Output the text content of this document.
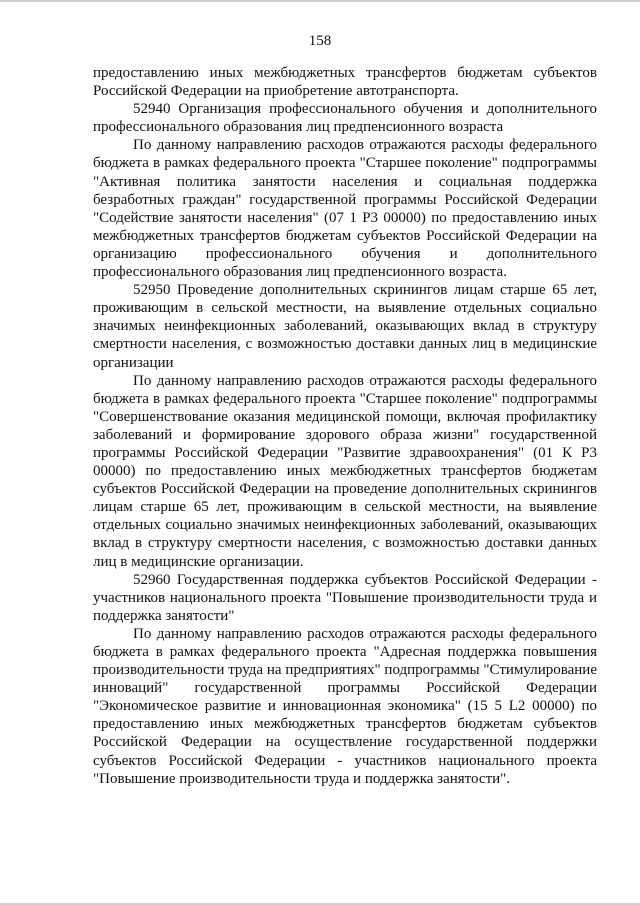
158

предоставлению иных межбюджетных трансфертов бюджетам субъектов Российской Федерации на приобретение автотранспорта.

52940 Организация профессионального обучения и дополнительного профессионального образования лиц предпенсионного возраста

По данному направлению расходов отражаются расходы федерального бюджета в рамках федерального проекта "Старшее поколение" подпрограммы "Активная политика занятости населения и социальная поддержка безработных граждан" государственной программы Российской Федерации "Содействие занятости населения" (07 1 Р3 00000) по предоставлению иных межбюджетных трансфертов бюджетам субъектов Российской Федерации на организацию профессионального обучения и дополнительного профессионального образования лиц предпенсионного возраста.

52950 Проведение дополнительных скринингов лицам старше 65 лет, проживающим в сельской местности, на выявление отдельных социально значимых неинфекционных заболеваний, оказывающих вклад в структуру смертности населения, с возможностью доставки данных лиц в медицинские организации

По данному направлению расходов отражаются расходы федерального бюджета в рамках федерального проекта "Старшее поколение" подпрограммы "Совершенствование оказания медицинской помощи, включая профилактику заболеваний и формирование здорового образа жизни" государственной программы Российской Федерации "Развитие здравоохранения" (01 К Р3 00000) по предоставлению иных межбюджетных трансфертов бюджетам субъектов Российской Федерации на проведение дополнительных скринингов лицам старше 65 лет, проживающим в сельской местности, на выявление отдельных социально значимых неинфекционных заболеваний, оказывающих вклад в структуру смертности населения, с возможностью доставки данных лиц в медицинские организации.

52960 Государственная поддержка субъектов Российской Федерации - участников национального проекта "Повышение производительности труда и поддержка занятости"

По данному направлению расходов отражаются расходы федерального бюджета в рамках федерального проекта "Адресная поддержка повышения производительности труда на предприятиях" подпрограммы "Стимулирование инноваций" государственной программы Российской Федерации "Экономическое развитие и инновационная экономика" (15 5 L2 00000) по предоставлению иных межбюджетных трансфертов бюджетам субъектов Российской Федерации на осуществление государственной поддержки субъектов Российской Федерации - участников национального проекта "Повышение производительности труда и поддержка занятости".
